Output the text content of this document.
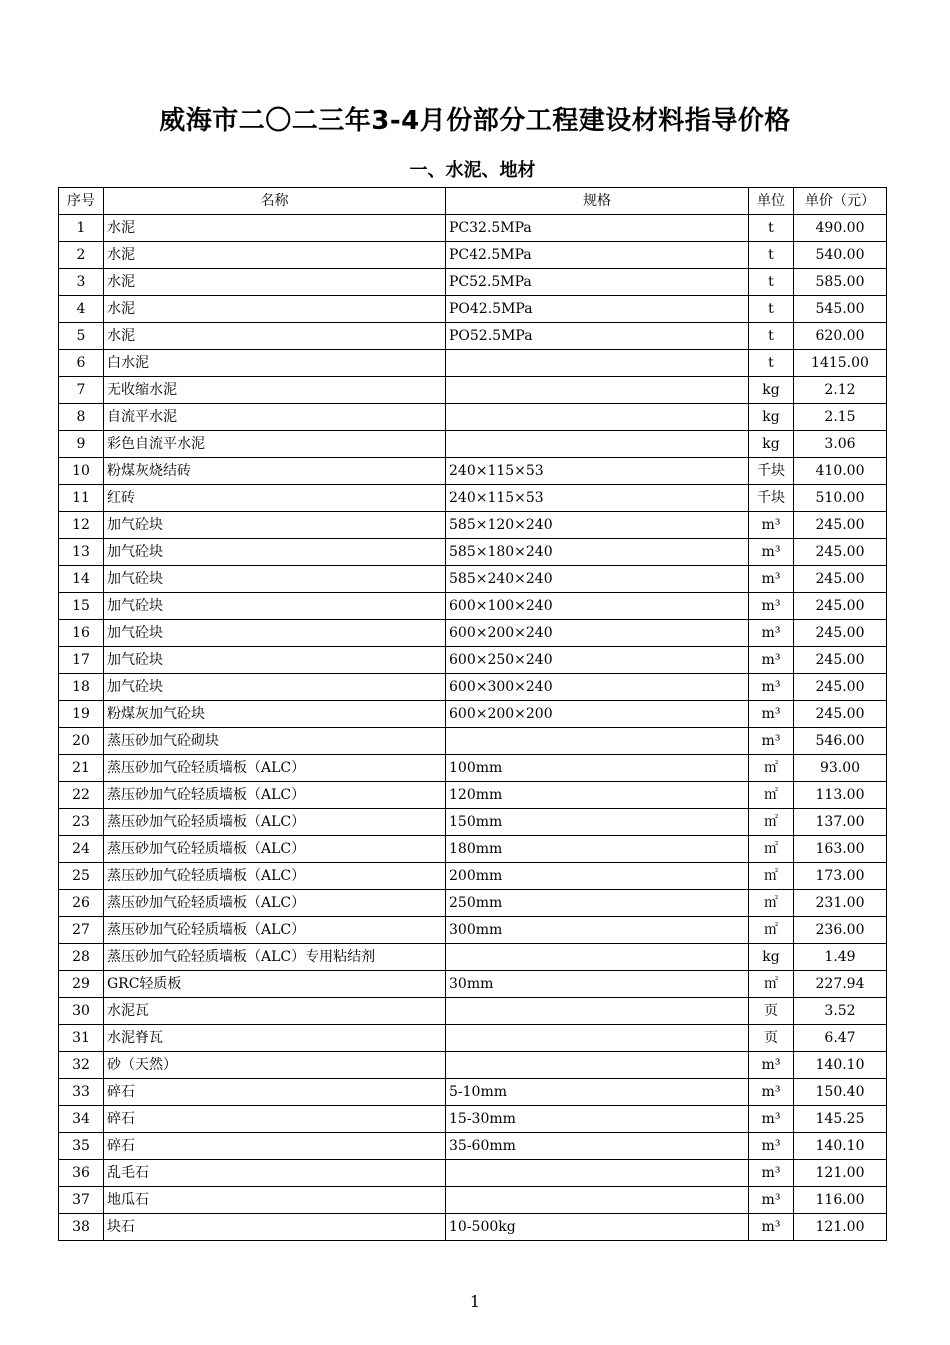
威海市二〇二三年3-4月份部分工程建设材料指导价格
一、水泥、地材
序号	名称	规格	单位	单价（元）
1	水泥	PC32.5MPa	t	490.00
2	水泥	PC42.5MPa	t	540.00
3	水泥	PC52.5MPa	t	585.00
4	水泥	PO42.5MPa	t	545.00
5	水泥	PO52.5MPa	t	620.00
6	白水泥		t	1415.00
7	无收缩水泥		kg	2.12
8	自流平水泥		kg	2.15
9	彩色自流平水泥		kg	3.06
10	粉煤灰烧结砖	240×115×53	千块	410.00
11	红砖	240×115×53	千块	510.00
12	加气砼块	585×120×240	m³	245.00
13	加气砼块	585×180×240	m³	245.00
14	加气砼块	585×240×240	m³	245.00
15	加气砼块	600×100×240	m³	245.00
16	加气砼块	600×200×240	m³	245.00
17	加气砼块	600×250×240	m³	245.00
18	加气砼块	600×300×240	m³	245.00
19	粉煤灰加气砼块	600×200×200	m³	245.00
20	蒸压砂加气砼砌块		m³	546.00
21	蒸压砂加气砼轻质墙板（ALC）	100mm	㎡	93.00
22	蒸压砂加气砼轻质墙板（ALC）	120mm	㎡	113.00
23	蒸压砂加气砼轻质墙板（ALC）	150mm	㎡	137.00
24	蒸压砂加气砼轻质墙板（ALC）	180mm	㎡	163.00
25	蒸压砂加气砼轻质墙板（ALC）	200mm	㎡	173.00
26	蒸压砂加气砼轻质墙板（ALC）	250mm	㎡	231.00
27	蒸压砂加气砼轻质墙板（ALC）	300mm	㎡	236.00
28	蒸压砂加气砼轻质墙板（ALC）专用粘结剂		kg	1.49
29	GRC轻质板	30mm	㎡	227.94
30	水泥瓦		页	3.52
31	水泥脊瓦		页	6.47
32	砂（天然）		m³	140.10
33	碎石	5-10mm	m³	150.40
34	碎石	15-30mm	m³	145.25
35	碎石	35-60mm	m³	140.10
36	乱毛石		m³	121.00
37	地瓜石		m³	116.00
38	块石	10-500kg	m³	121.00
1
